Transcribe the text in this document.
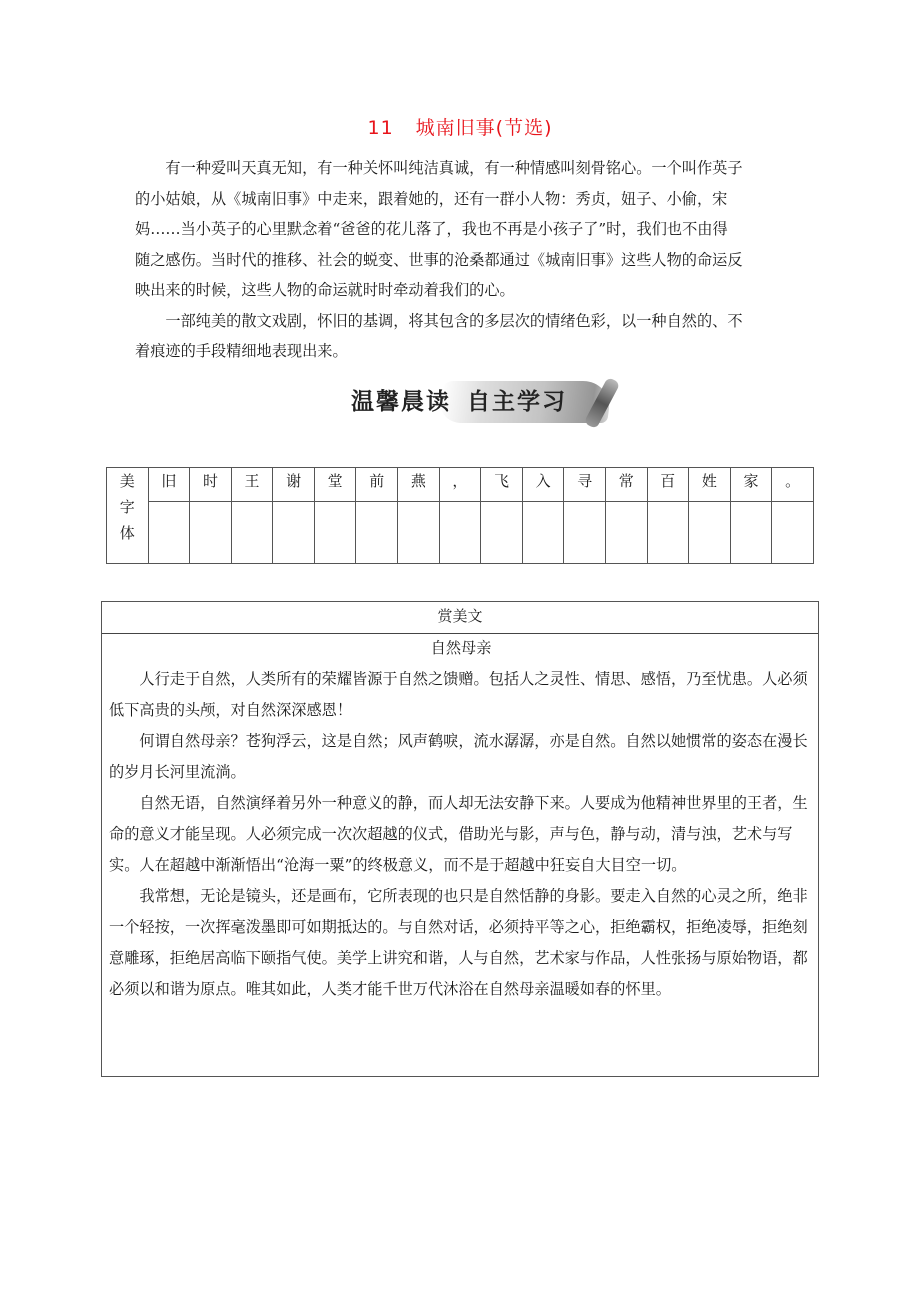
11 城南旧事(节选)

有一种爱叫天真无知，有一种关怀叫纯洁真诚，有一种情感叫刻骨铭心。一个叫作英子

的小姑娘，从《城南旧事》中走来，跟着她的，还有一群小人物：秀贞，妞子、小偷，宋

妈……当小英子的心里默念着“爸爸的花儿落了，我也不再是小孩子了”时，我们也不由得

随之感伤。当时代的推移、社会的蜕变、世事的沧桑都通过《城南旧事》这些人物的命运反

映出来的时候，这些人物的命运就时时牵动着我们的心。

一部纯美的散文戏剧，怀旧的基调，将其包含的多层次的情绪色彩，以一种自然的、不

着痕迹的手段精细地表现出来。

温馨晨读 自主学习
美
字
体	旧	时	王	谢	堂	前	燕	，	飞	入	寻	常	百	姓	家	。

赏美文
自然母亲

人行走于自然，人类所有的荣耀皆源于自然之馈赠。包括人之灵性、情思、感悟，乃至忧患。人必须低下高贵的头颅，对自然深深感恩！

何谓自然母亲？苍狗浮云，这是自然；风声鹤唳，流水潺潺，亦是自然。自然以她惯常的姿态在漫长的岁月长河里流淌。

自然无语，自然演绎着另外一种意义的静，而人却无法安静下来。人要成为他精神世界里的王者，生命的意义才能呈现。人必须完成一次次超越的仪式，借助光与影，声与色，静与动，清与浊，艺术与写实。人在超越中渐渐悟出“沧海一粟”的终极意义，而不是于超越中狂妄自大目空一切。

我常想，无论是镜头，还是画布，它所表现的也只是自然恬静的身影。要走入自然的心灵之所，绝非一个轻按，一次挥毫泼墨即可如期抵达的。与自然对话，必须持平等之心，拒绝霸权，拒绝凌辱，拒绝刻意雕琢，拒绝居高临下颐指气使。美学上讲究和谐，人与自然，艺术家与作品，人性张扬与原始物语，都必须以和谐为原点。唯其如此，人类才能千世万代沐浴在自然母亲温暖如春的怀里。
